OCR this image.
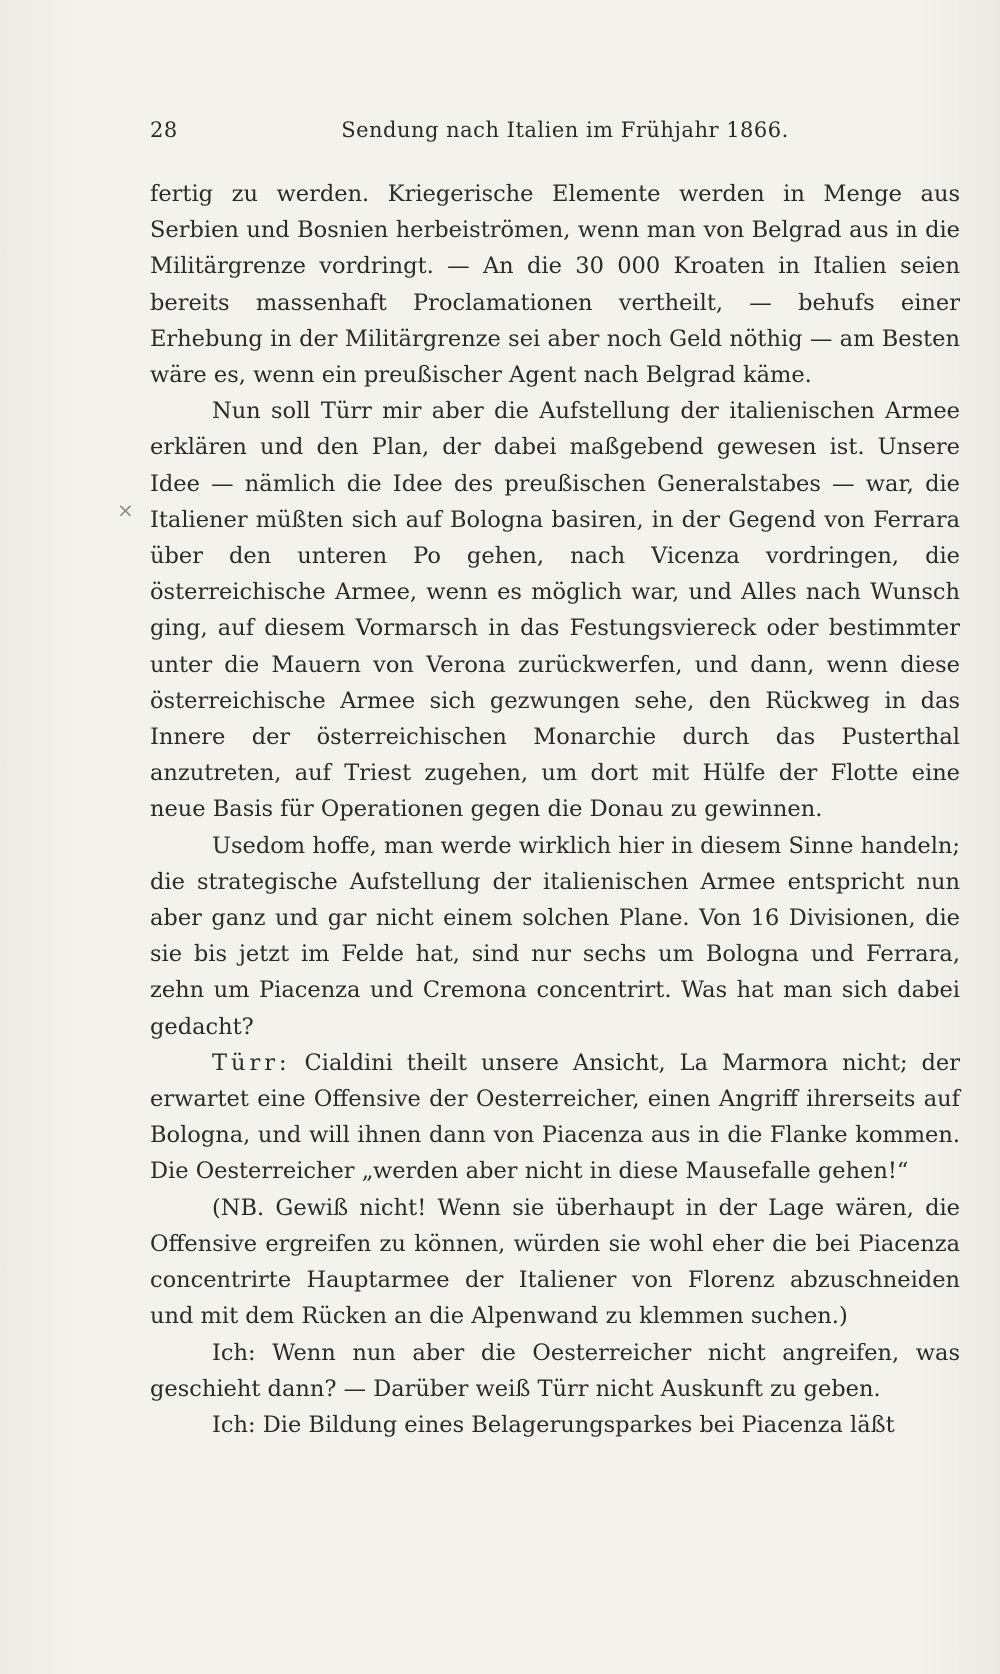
28	Sendung nach Italien im Frühjahr 1866.
×

fertig zu werden. Kriegerische Elemente werden in Menge aus Serbien und Bosnien herbeiströmen, wenn man von Belgrad aus in die Militärgrenze vordringt. — An die 30 000 Kroaten in Italien seien bereits massenhaft Proclamationen vertheilt, — behufs einer Erhebung in der Militärgrenze sei aber noch Geld nöthig — am Besten wäre es, wenn ein preußischer Agent nach Belgrad käme.

Nun soll Türr mir aber die Aufstellung der italienischen Armee erklären und den Plan, der dabei maßgebend gewesen ist. Unsere Idee — nämlich die Idee des preußischen Generalstabes — war, die Italiener müßten sich auf Bologna basiren, in der Gegend von Ferrara über den unteren Po gehen, nach Vicenza vordringen, die österreichische Armee, wenn es möglich war, und Alles nach Wunsch ging, auf diesem Vormarsch in das Festungsviereck oder bestimmter unter die Mauern von Verona zurückwerfen, und dann, wenn diese österreichische Armee sich gezwungen sehe, den Rückweg in das Innere der österreichischen Monarchie durch das Pusterthal anzutreten, auf Triest zugehen, um dort mit Hülfe der Flotte eine neue Basis für Operationen gegen die Donau zu gewinnen.

Usedom hoffe, man werde wirklich hier in diesem Sinne handeln; die strategische Aufstellung der italienischen Armee entspricht nun aber ganz und gar nicht einem solchen Plane. Von 16 Divisionen, die sie bis jetzt im Felde hat, sind nur sechs um Bologna und Ferrara, zehn um Piacenza und Cremona concentrirt. Was hat man sich dabei gedacht?

Türr: Cialdini theilt unsere Ansicht, La Marmora nicht; der erwartet eine Offensive der Oesterreicher, einen Angriff ihrerseits auf Bologna, und will ihnen dann von Piacenza aus in die Flanke kommen. Die Oesterreicher „werden aber nicht in diese Mausefalle gehen!“

(NB. Gewiß nicht! Wenn sie überhaupt in der Lage wären, die Offensive ergreifen zu können, würden sie wohl eher die bei Piacenza concentrirte Hauptarmee der Italiener von Florenz abzuschneiden und mit dem Rücken an die Alpenwand zu klemmen suchen.)

Ich: Wenn nun aber die Oesterreicher nicht angreifen, was geschieht dann? — Darüber weiß Türr nicht Auskunft zu geben.

Ich: Die Bildung eines Belagerungsparkes bei Piacenza läßt
